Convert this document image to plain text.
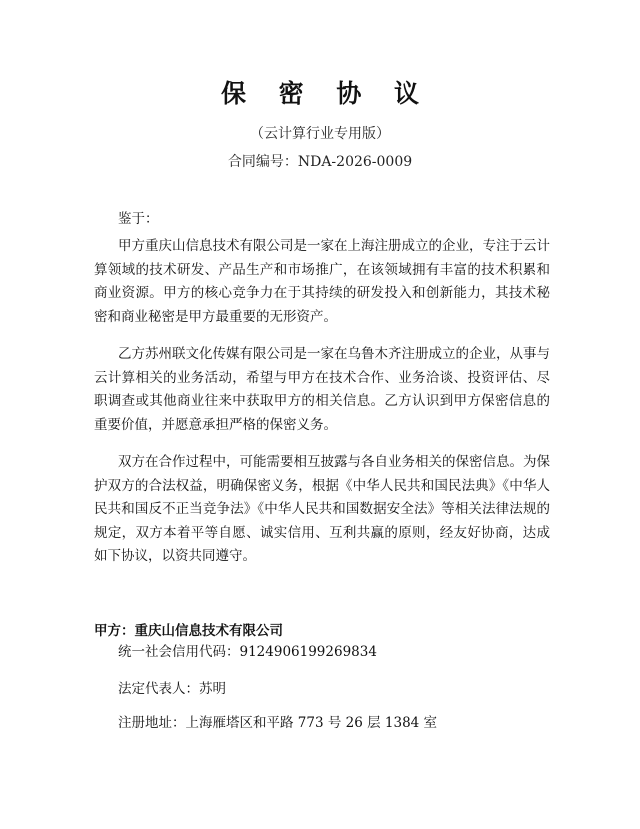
保 密 协 议
（云计算行业专用版）
合同编号：NDA-2026-0009
鉴于：

甲方重庆山信息技术有限公司是一家在上海注册成立的企业，专注于云计算领域的技术研发、产品生产和市场推广，在该领域拥有丰富的技术积累和商业资源。甲方的核心竞争力在于其持续的研发投入和创新能力，其技术秘密和商业秘密是甲方最重要的无形资产。

乙方苏州联文化传媒有限公司是一家在乌鲁木齐注册成立的企业，从事与云计算相关的业务活动，希望与甲方在技术合作、业务洽谈、投资评估、尽职调查或其他商业往来中获取甲方的相关信息。乙方认识到甲方保密信息的重要价值，并愿意承担严格的保密义务。

双方在合作过程中，可能需要相互披露与各自业务相关的保密信息。为保护双方的合法权益，明确保密义务，根据《中华人民共和国民法典》《中华人民共和国反不正当竞争法》《中华人民共和国数据安全法》等相关法律法规的规定，双方本着平等自愿、诚实信用、互利共赢的原则，经友好协商，达成如下协议，以资共同遵守。

甲方：重庆山信息技术有限公司
统一社会信用代码：9124906199269834
法定代表人：苏明
注册地址：上海雁塔区和平路 773 号 26 层 1384 室
